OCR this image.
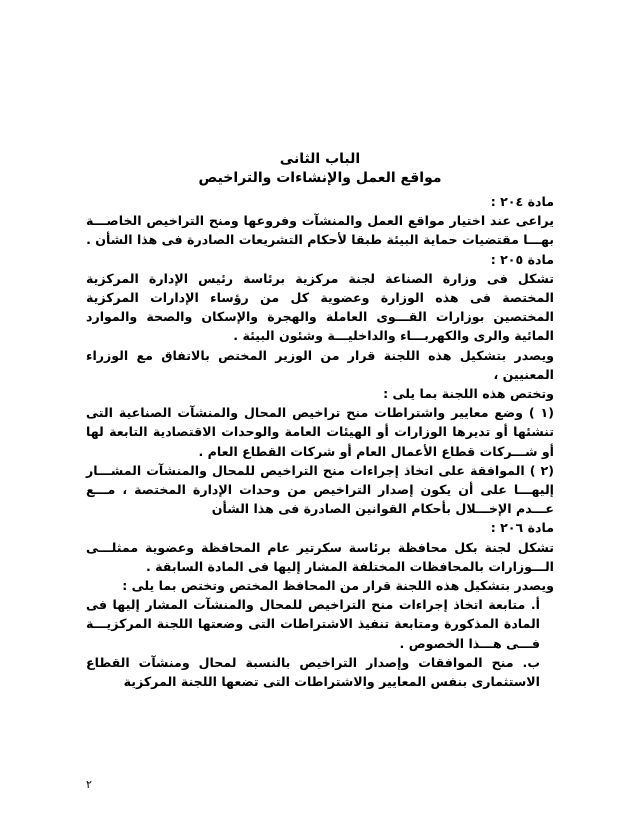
الباب الثانى

مواقع العمل والإنشاءات والتراخيص

مادة ٢٠٤ :

يراعى عند اختيار مواقع العمل والمنشآت وفروعها ومنح التراخيص الخاصـــة بهـــا مقتضيات حماية البيئة طبقا لأحكام التشريعات الصادرة فى هذا الشأن .

مادة ٢٠٥ :

تشكل فى وزارة الصناعة لجنة مركزية برئاسة رئيس الإدارة المركزية المختصة فى هذه الوزارة وعضوية كل من رؤساء الإدارات المركزية المختصين بوزارات القـــوى العاملة والهجرة والإسكان والصحة والموارد المائية والرى والكهربـــاء والداخليـــة وشئون البيئة .

ويصدر بتشكيل هذه اللجنة قرار من الوزير المختص بالاتفاق مع الوزراء المعنيين ،

وتختص هذه اللجنة بما يلى :

(١ ) وضع معايير واشتراطات منح تراخيص المحال والمنشآت الصناعية التى تنشئها أو تديرها الوزارات أو الهيئات العامة والوحدات الاقتصادية التابعة لها أو شـــركات قطاع الأعمال العام أو شركات القطاع العام .

(٢ ) الموافقة على اتخاذ إجراءات منح التراخيص للمحال والمنشآت المشـــار إليهـــا على أن يكون إصدار التراخيص من وحدات الإدارة المختصة ، مـــع عـــدم الإخـــلال بأحكام القوانين الصادرة فى هذا الشأن

مادة ٢٠٦ :

تشكل لجنة بكل محافظة برئاسة سكرتير عام المحافظة وعضوية ممثلـــى الـــوزارات بالمحافظات المختلفة المشار إليها فى المادة السابقة .

ويصدر بتشكيل هذه اللجنة قرار من المحافظ المختص وتختص بما يلى :

أ. متابعة اتخاذ إجراءات منح التراخيص للمحال والمنشآت المشار إليها فى المادة المذكورة ومتابعة تنفيذ الاشتراطات التى وضعتها اللجنة المركزيـــة فـــى هـــذا الخصوص .

ب. منح الموافقات وإصدار التراخيص بالنسبة لمحال ومنشآت القطاع الاستثمارى بنفس المعايير والاشتراطات التى تضعها اللجنة المركزية

٢
